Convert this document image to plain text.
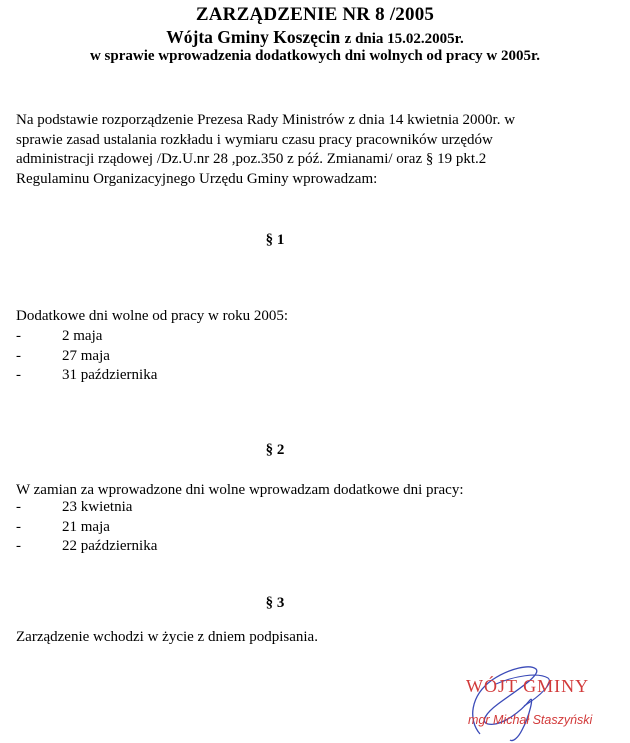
ZARZĄDZENIE NR 8 /2005
Wójta Gminy Koszęcin z dnia 15.02.2005r.
w sprawie wprowadzenia dodatkowych dni wolnych od pracy w 2005r.
Na podstawie rozporządzenie Prezesa Rady Ministrów z dnia 14 kwietnia 2000r. w
sprawie zasad ustalania rozkładu i wymiaru czasu pracy pracowników urzędów
administracji rządowej /Dz.U.nr 28 ,poz.350 z póź. Zmianami/ oraz § 19 pkt.2
Regulaminu Organizacyjnego Urzędu Gminy wprowadzam:
§ 1
Dodatkowe dni wolne od pracy w roku 2005:
-	2 maja
-	27 maja
-	31 października
§ 2
W zamian za wprowadzone dni wolne wprowadzam dodatkowe dni pracy:
-	23 kwietnia
-	21 maja
-	22 października
§ 3
Zarządzenie wchodzi w życie z dniem podpisania.
WÓJT GMINY
mgr Michał Staszyński
